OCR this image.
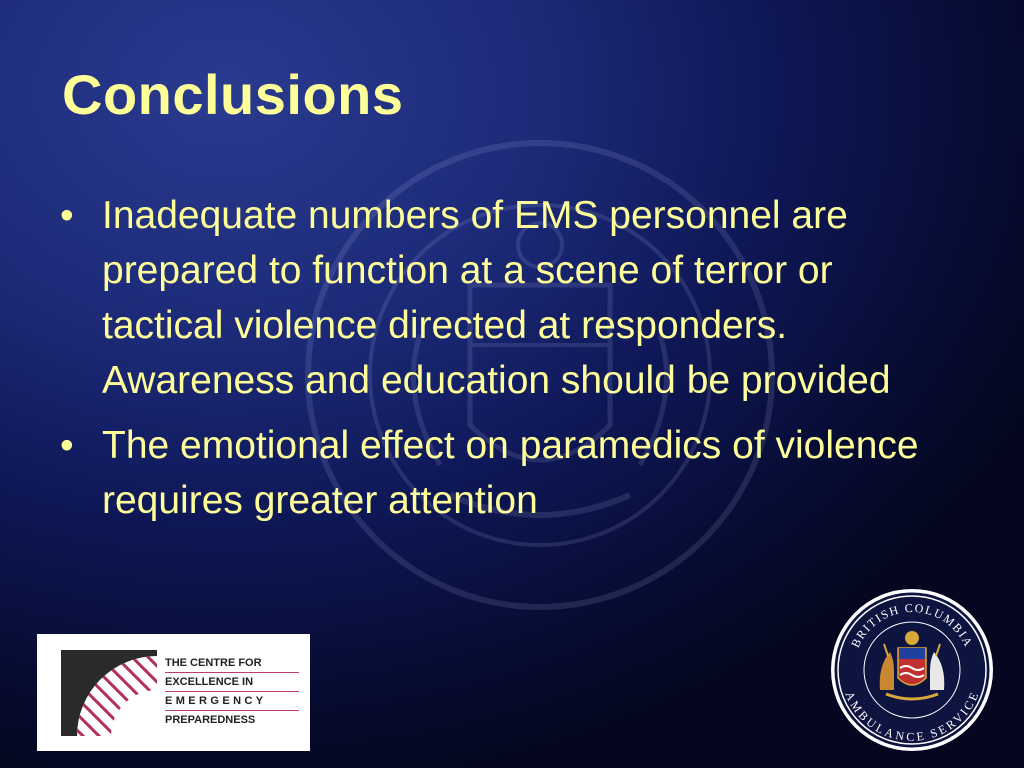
Conclusions
• Inadequate numbers of EMS personnel are prepared to function at a scene of terror or tactical violence directed at responders. Awareness and education should be provided
• The emotional effect on paramedics of violence requires greater attention
THE CENTRE FOR
EXCELLENCE IN
EMERGENCY
PREPAREDNESS
BRITISH COLUMBIA
AMBULANCE SERVICE
